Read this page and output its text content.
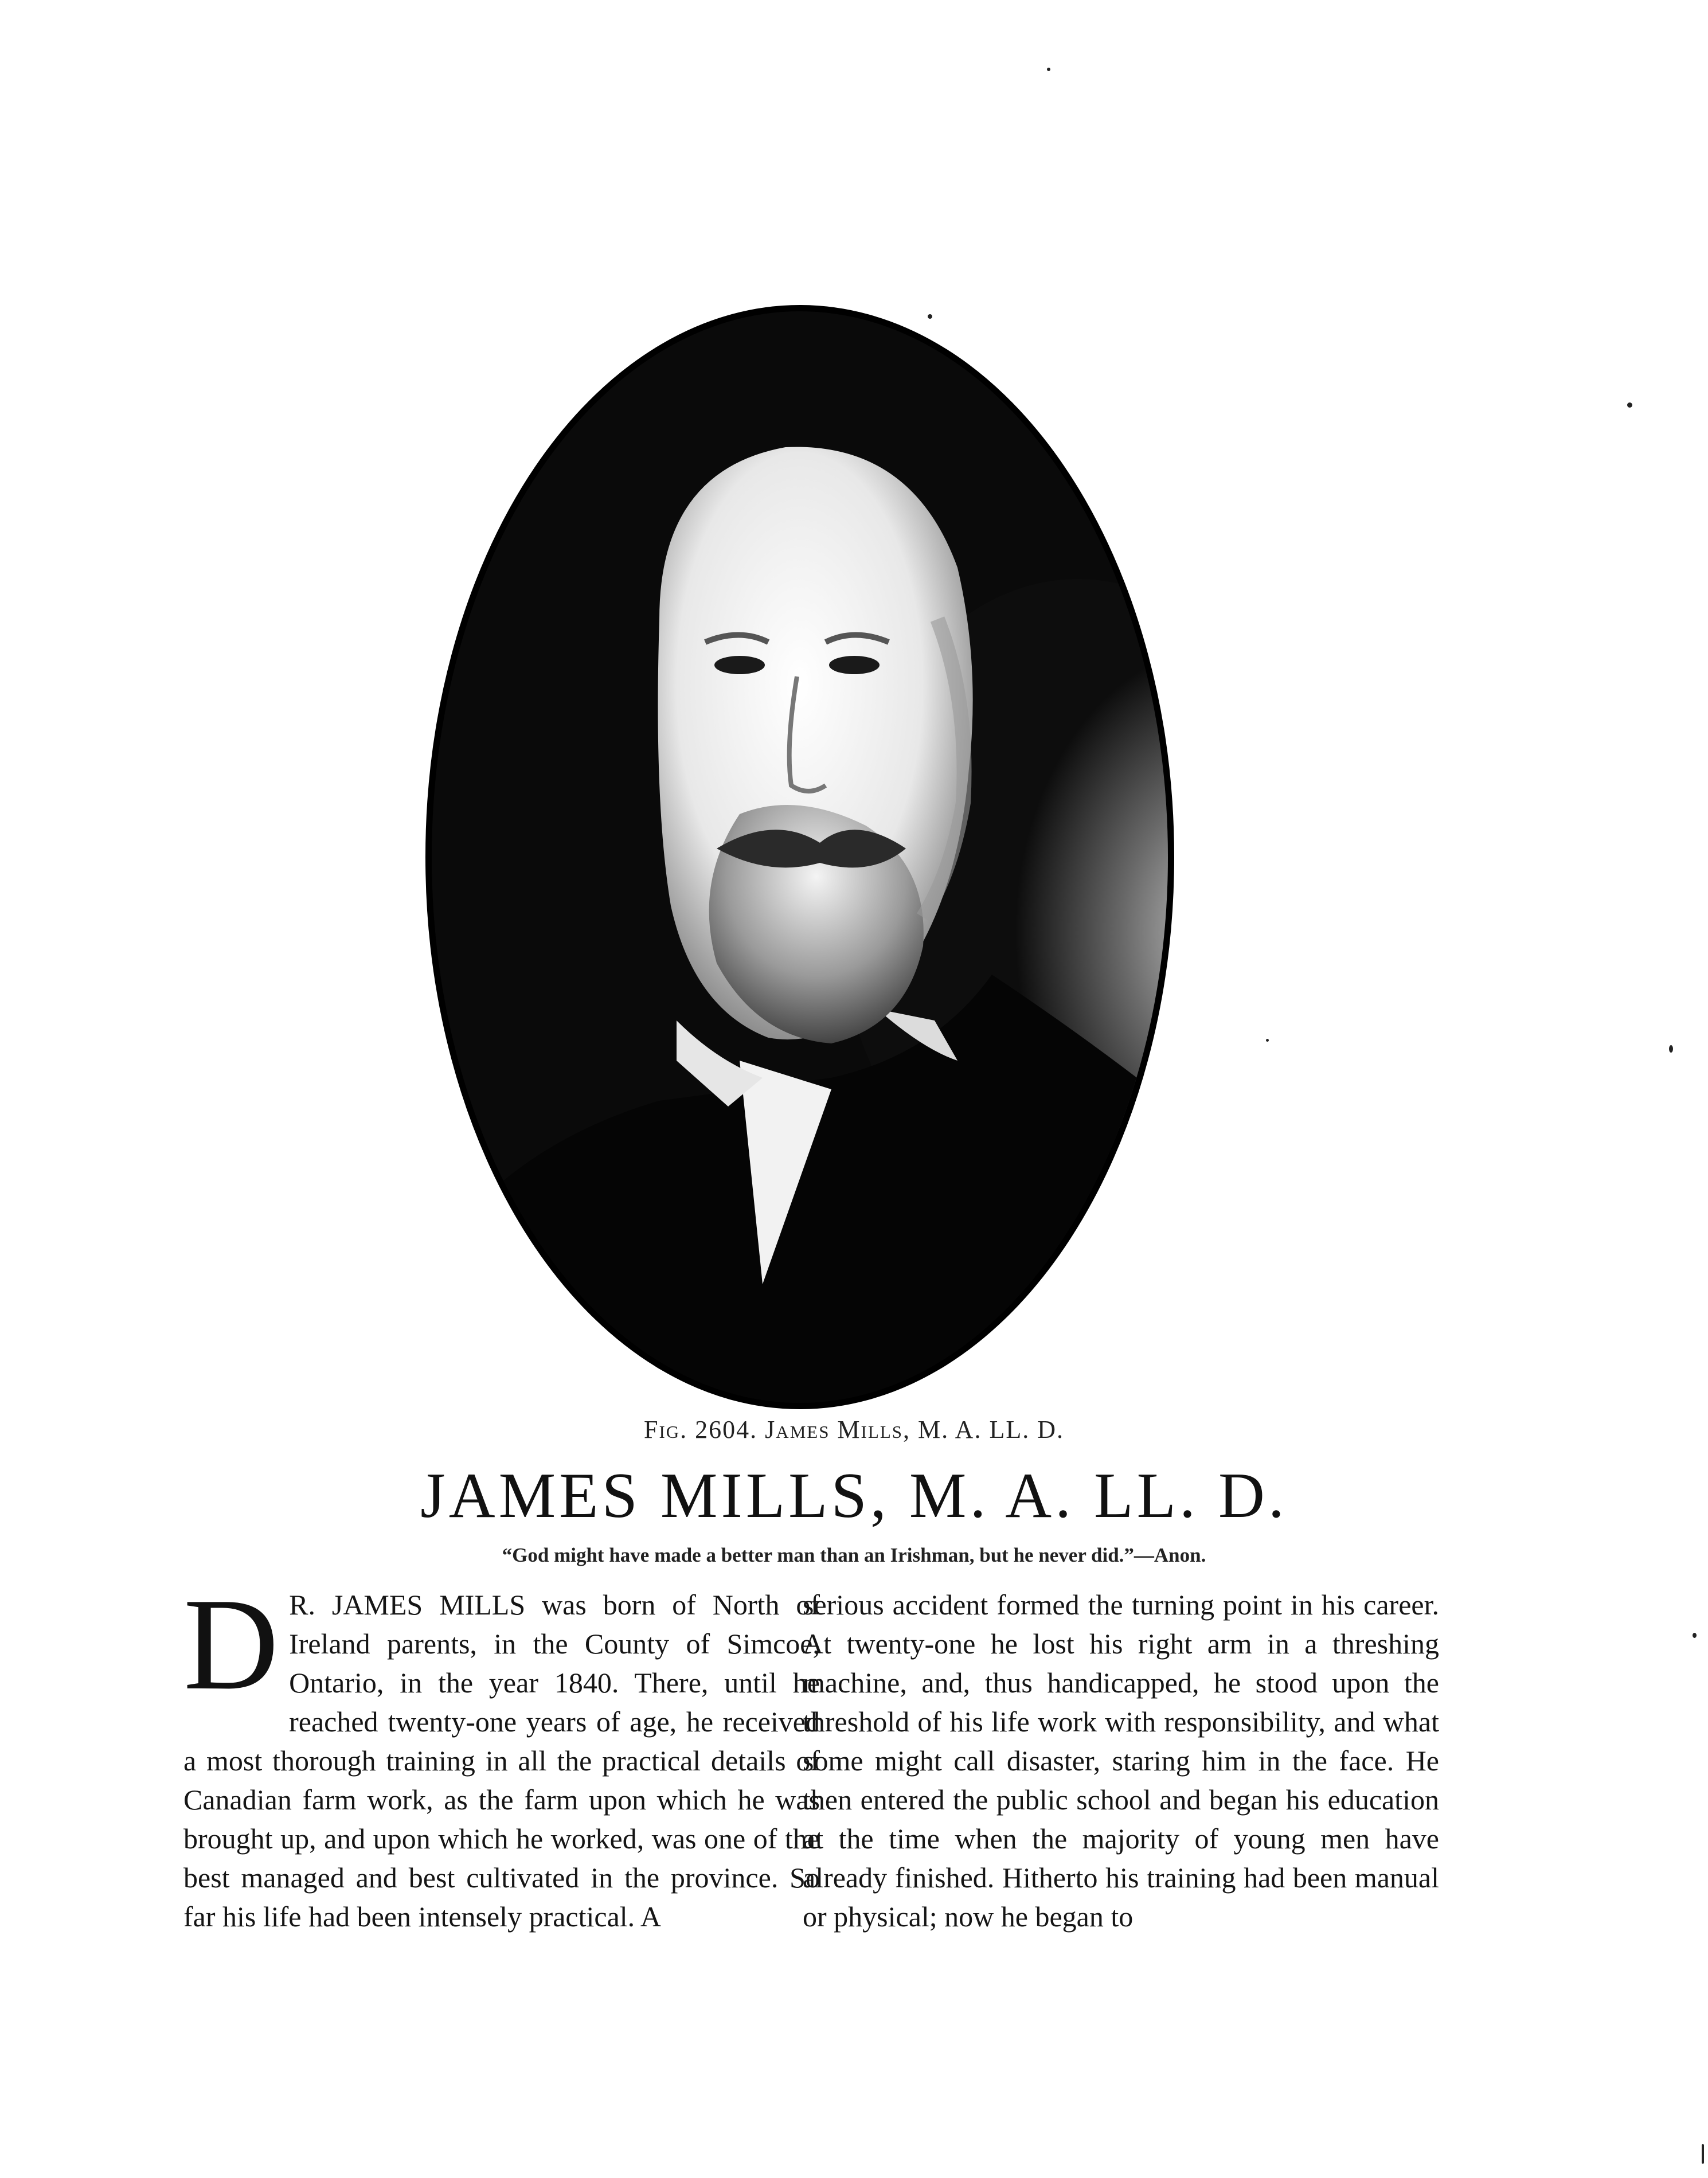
Fig. 2604. James Mills, M. A. LL. D.
JAMES MILLS, M. A. LL. D.
“God might have made a better man than an Irishman, but he never did.”—Anon.
D R. JAMES MILLS was born of North of Ireland parents, in the County of Simcoe, Ontario, in the year 1840. There, until he reached twenty-one years of age, he received a most thorough training in all the practical details of Canadian farm work, as the farm upon which he was brought up, and upon which he worked, was one of the best managed and best cultivated in the province. So far his life had been intensely practical. A
serious accident formed the turning point in his career. At twenty-one he lost his right arm in a threshing machine, and, thus handicapped, he stood upon the threshold of his life work with responsibility, and what some might call disaster, staring him in the face. He then entered the public school and began his education at the time when the majority of young men have already finished. Hitherto his training had been manual or physical; now he began to
